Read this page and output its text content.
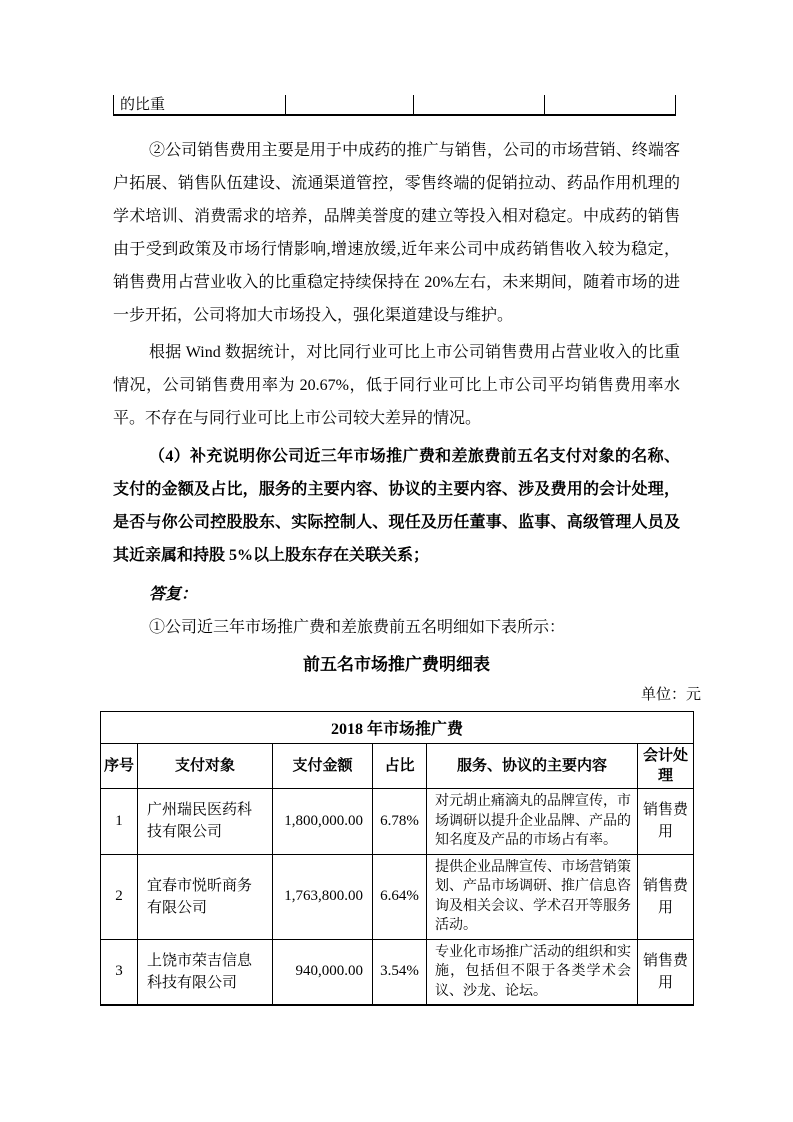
的比重

②公司销售费用主要是用于中成药的推广与销售，公司的市场营销、终端客户拓展、销售队伍建设、流通渠道管控，零售终端的促销拉动、药品作用机理的学术培训、消费需求的培养，品牌美誉度的建立等投入相对稳定。中成药的销售由于受到政策及市场行情影响,增速放缓,近年来公司中成药销售收入较为稳定，销售费用占营业收入的比重稳定持续保持在 20%左右，未来期间，随着市场的进一步开拓，公司将加大市场投入，强化渠道建设与维护。

根据 Wind 数据统计，对比同行业可比上市公司销售费用占营业收入的比重情况，公司销售费用率为 20.67%，低于同行业可比上市公司平均销售费用率水平。不存在与同行业可比上市公司较大差异的情况。

（4）补充说明你公司近三年市场推广费和差旅费前五名支付对象的名称、支付的金额及占比，服务的主要内容、协议的主要内容、涉及费用的会计处理，是否与你公司控股股东、实际控制人、现任及历任董事、监事、高级管理人员及其近亲属和持股 5%以上股东存在关联关系；

答复：

①公司近三年市场推广费和差旅费前五名明细如下表所示：

前五名市场推广费明细表
单位：元
2018 年市场推广费					
序号	支付对象	支付金额	占比	服务、协议的主要内容	会计处理
1	广州瑞民医药科技有限公司	1,800,000.00	6.78%	对元胡止痛滴丸的品牌宣传，市场调研以提升企业品牌、产品的知名度及产品的市场占有率。	销售费用
2	宜春市悦昕商务有限公司	1,763,800.00	6.64%	提供企业品牌宣传、市场营销策划、产品市场调研、推广信息咨询及相关会议、学术召开等服务活动。	销售费用
3	上饶市荣吉信息科技有限公司	940,000.00	3.54%	专业化市场推广活动的组织和实施，包括但不限于各类学术会议、沙龙、论坛。	销售费用
